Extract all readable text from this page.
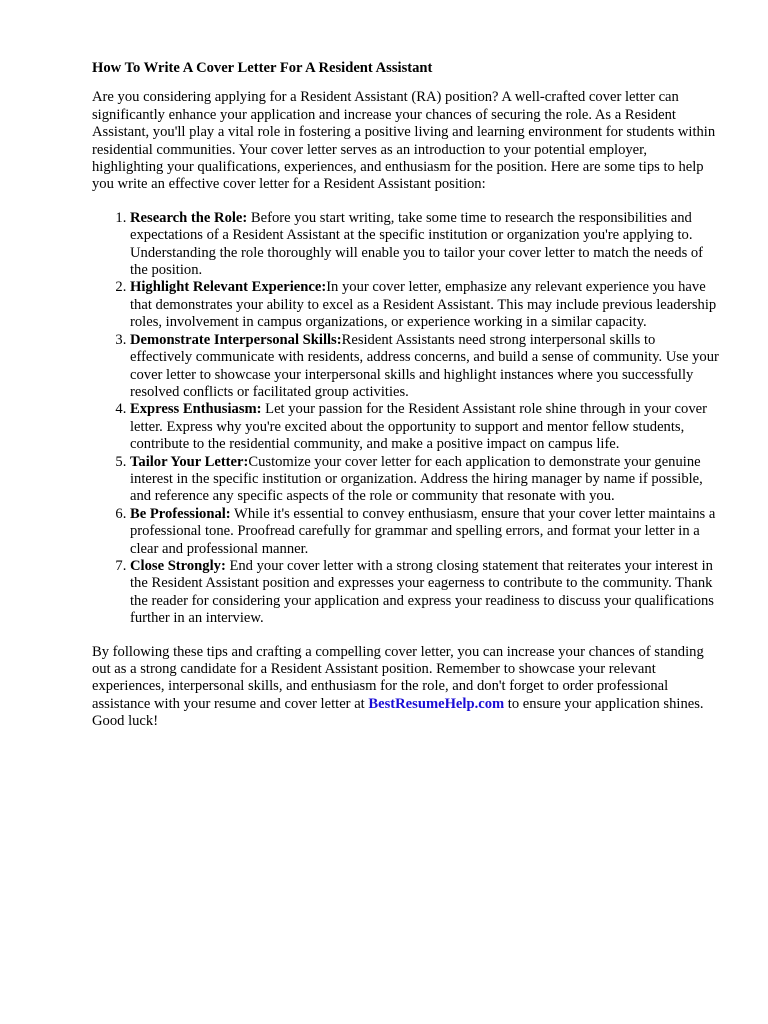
How To Write A Cover Letter For A Resident Assistant

Are you considering applying for a Resident Assistant (RA) position? A well-crafted cover letter can significantly enhance your application and increase your chances of securing the role. As a Resident Assistant, you'll play a vital role in fostering a positive living and learning environment for students within residential communities. Your cover letter serves as an introduction to your potential employer, highlighting your qualifications, experiences, and enthusiasm for the position. Here are some tips to help you write an effective cover letter for a Resident Assistant position:

1. Research the Role: Before you start writing, take some time to research the responsibilities and expectations of a Resident Assistant at the specific institution or organization you're applying to. Understanding the role thoroughly will enable you to tailor your cover letter to match the needs of the position.
2. Highlight Relevant Experience:In your cover letter, emphasize any relevant experience you have that demonstrates your ability to excel as a Resident Assistant. This may include previous leadership roles, involvement in campus organizations, or experience working in a similar capacity.
3. Demonstrate Interpersonal Skills:Resident Assistants need strong interpersonal skills to effectively communicate with residents, address concerns, and build a sense of community. Use your cover letter to showcase your interpersonal skills and highlight instances where you successfully resolved conflicts or facilitated group activities.
4. Express Enthusiasm: Let your passion for the Resident Assistant role shine through in your cover letter. Express why you're excited about the opportunity to support and mentor fellow students, contribute to the residential community, and make a positive impact on campus life.
5. Tailor Your Letter:Customize your cover letter for each application to demonstrate your genuine interest in the specific institution or organization. Address the hiring manager by name if possible, and reference any specific aspects of the role or community that resonate with you.
6. Be Professional: While it's essential to convey enthusiasm, ensure that your cover letter maintains a professional tone. Proofread carefully for grammar and spelling errors, and format your letter in a clear and professional manner.
7. Close Strongly: End your cover letter with a strong closing statement that reiterates your interest in the Resident Assistant position and expresses your eagerness to contribute to the community. Thank the reader for considering your application and express your readiness to discuss your qualifications further in an interview.

By following these tips and crafting a compelling cover letter, you can increase your chances of standing out as a strong candidate for a Resident Assistant position. Remember to showcase your relevant experiences, interpersonal skills, and enthusiasm for the role, and don't forget to order professional assistance with your resume and cover letter at BestResumeHelp.com to ensure your application shines. Good luck!
